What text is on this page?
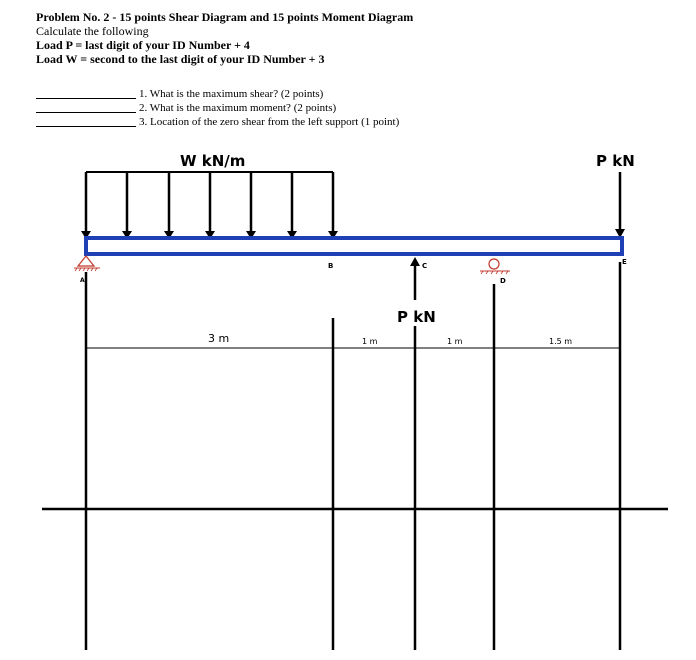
Problem No. 2 - 15 points Shear Diagram and 15 points Moment Diagram
Calculate the following
Load P = last digit of your ID Number + 4
Load W = second to the last digit of your ID Number + 3
1. What is the maximum shear? (2 points)
2. What is the maximum moment? (2 points)
3. Location of the zero shear from the left support (1 point)
W kN/m	P kN
A	D
B	C	E
P kN
3 m	1 m	1 m	1.5 m
